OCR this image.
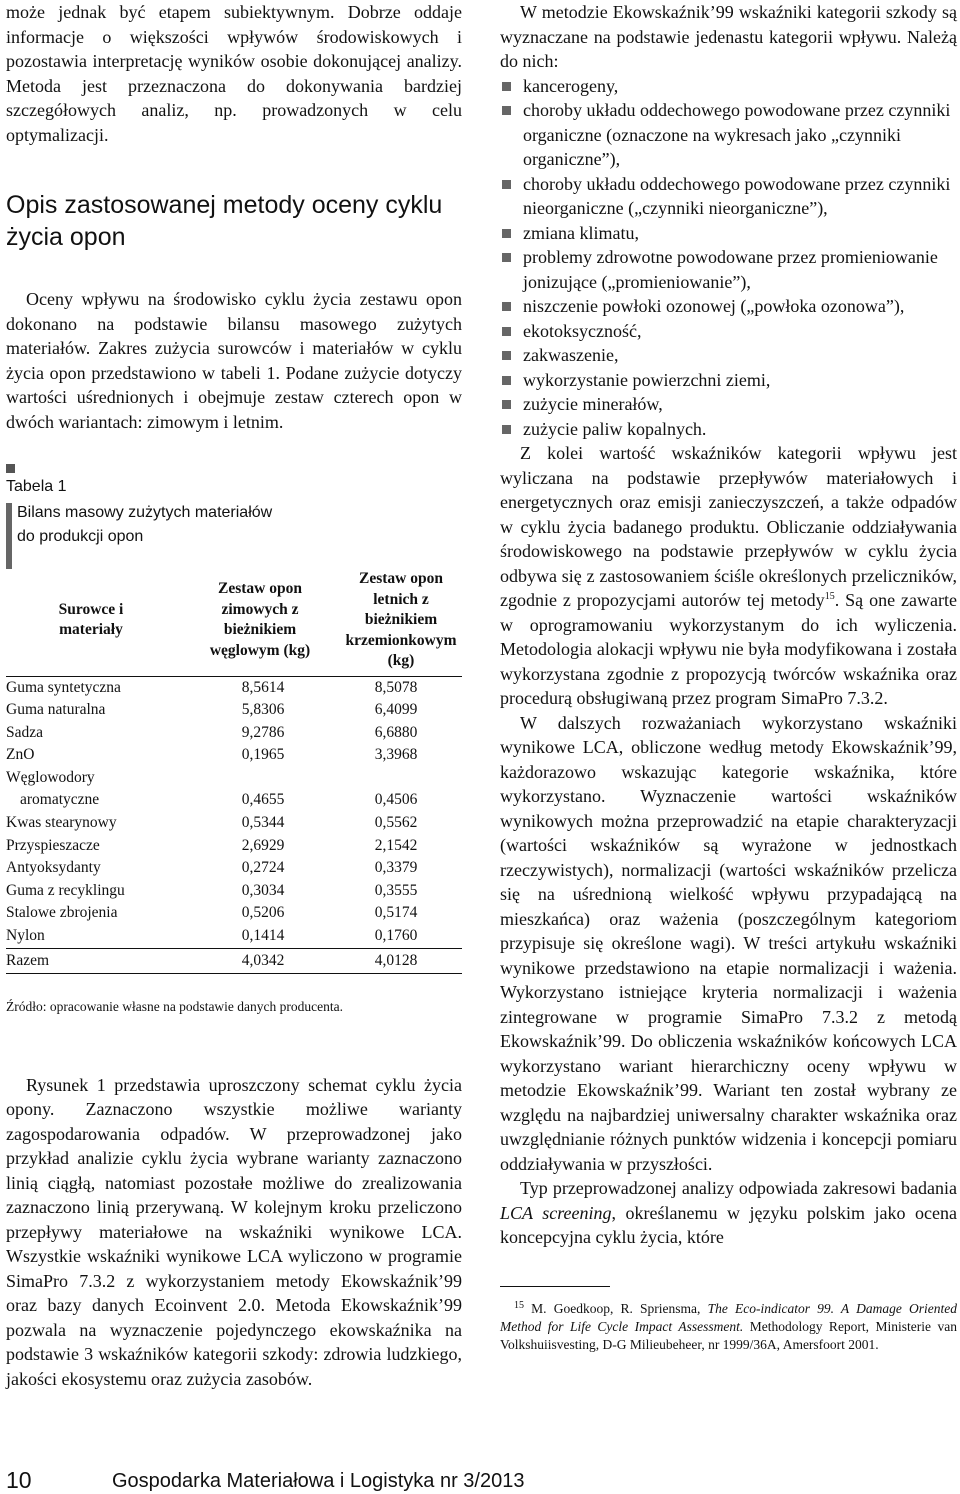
może jednak być etapem subiektywnym. Dobrze oddaje informacje o większości wpływów środowiskowych i pozostawia interpretację wyników osobie dokonującej analizy. Metoda jest przeznaczona do dokonywania bardziej szczegółowych analiz, np. prowadzonych w celu optymalizacji.

Opis zastosowanej metody oceny cyklu życia opon

Oceny wpływu na środowisko cyklu życia zestawu opon dokonano na podstawie bilansu masowego zużytych materiałów. Zakres zużycia surowców i materiałów w cyklu życia opon przedstawiono w tabeli 1. Podane zużycie dotyczy wartości uśrednionych i obejmuje zestaw czterech opon w dwóch wariantach: zimowym i letnim.

Tabela 1
Bilans masowy zużytych materiałów
do produkcji opon
Surowce i materiały	Zestaw opon zimowych z bieżnikiem węglowym (kg)	Zestaw opon letnich z bieżnikiem krzemionkowym (kg)

Guma syntetyczna	8,5614	8,5078
Guma naturalna	5,8306	6,4099
Sadza	9,2786	6,6880
ZnO	0,1965	3,3968
Węglowodory		
aromatyczne	0,4655	0,4506
Kwas stearynowy	0,5344	0,5562
Przyspieszacze	2,6929	2,1542
Antyoksydanty	0,2724	0,3379
Guma z recyklingu	0,3034	0,3555
Stalowe zbrojenia	0,5206	0,5174
Nylon	0,1414	0,1760
Razem	4,0342	4,0128
Źródło: opracowanie własne na podstawie danych producenta.

Rysunek 1 przedstawia uproszczony schemat cyklu życia opony. Zaznaczono wszystkie możliwe warianty zagospodarowania odpadów. W przeprowadzonej jako przykład analizie cyklu życia wybrane warianty zaznaczono linią ciągłą, natomiast pozostałe możliwe do zrealizowania zaznaczono linią przerywaną. W kolejnym kroku przeliczono przepływy materiałowe na wskaźniki wynikowe LCA. Wszystkie wskaźniki wynikowe LCA wyliczono w programie SimaPro 7.3.2 z wykorzystaniem metody Ekowskaźnik’99 oraz bazy danych Ecoinvent 2.0. Metoda Ekowskaźnik’99 pozwala na wyznaczenie pojedynczego ekowskaźnika na podstawie 3 wskaźników kategorii szkody: zdrowia ludzkiego, jakości ekosystemu oraz zużycia zasobów.

W metodzie Ekowskaźnik’99 wskaźniki kategorii szkody są wyznaczane na podstawie jedenastu kategorii wpływu. Należą do nich:

kancerogeny,
choroby układu oddechowego powodowane przez czynniki organiczne (oznaczone na wykresach jako „czynniki organiczne”),
choroby układu oddechowego powodowane przez czynniki nieorganiczne („czynniki nieorganiczne”),
zmiana klimatu,
problemy zdrowotne powodowane przez promieniowanie jonizujące („promieniowanie”),
niszczenie powłoki ozonowej („powłoka ozonowa”),
ekotoksyczność,
zakwaszenie,
wykorzystanie powierzchni ziemi,
zużycie minerałów,
zużycie paliw kopalnych.

Z kolei wartość wskaźników kategorii wpływu jest wyliczana na podstawie przepływów materiałowych i energetycznych oraz emisji zanieczyszczeń, a także odpadów w cyklu życia badanego produktu. Obliczanie oddziaływania środowiskowego na podstawie przepływów w cyklu życia odbywa się z zastosowaniem ściśle określonych przeliczników, zgodnie z propozycjami autorów tej metody$^{15}$. Są one zawarte w oprogramowaniu wykorzystanym do ich wyliczenia. Metodologia alokacji wpływu nie była modyfikowana i została wykorzystana zgodnie z propozycją twórców wskaźnika oraz procedurą obsługiwaną przez program SimaPro 7.3.2.

W dalszych rozważaniach wykorzystano wskaźniki wynikowe LCA, obliczone według metody Ekowskaźnik’99, każdorazowo wskazując kategorie wskaźnika, które wykorzystano. Wyznaczenie wartości wskaźników wynikowych można przeprowadzić na etapie charakteryzacji (wartości wskaźników są wyrażone w jednostkach rzeczywistych), normalizacji (wartości wskaźników przelicza się na uśrednioną wielkość wpływu przypadającą na mieszkańca) oraz ważenia (poszczególnym kategoriom przypisuje się określone wagi). W treści artykułu wskaźniki wynikowe przedstawiono na etapie normalizacji i ważenia. Wykorzystano istniejące kryteria normalizacji i ważenia zintegrowane w programie SimaPro 7.3.2 z metodą Ekowskaźnik’99. Do obliczenia wskaźników końcowych LCA wykorzystano wariant hierarchiczny oceny wpływu w metodzie Ekowskaźnik’99. Wariant ten został wybrany ze względu na najbardziej uniwersalny charakter wskaźnika oraz uwzględnianie różnych punktów widzenia i koncepcji pomiaru oddziaływania w przyszłości.

Typ przeprowadzonej analizy odpowiada zakresowi badania LCA screening, określanemu w języku polskim jako ocena koncepcyjna cyklu życia, które

$^{15}$ M. Goedkoop, R. Spriensma, The Eco-indicator 99. A Damage Oriented Method for Life Cycle Impact Assessment. Methodology Report, Ministerie van Volkshuiisvesting, D-G Milieubeheer, nr 1999/36A, Amersfoort 2001.

10	Gospodarka Materiałowa i Logistyka nr 3/2013
